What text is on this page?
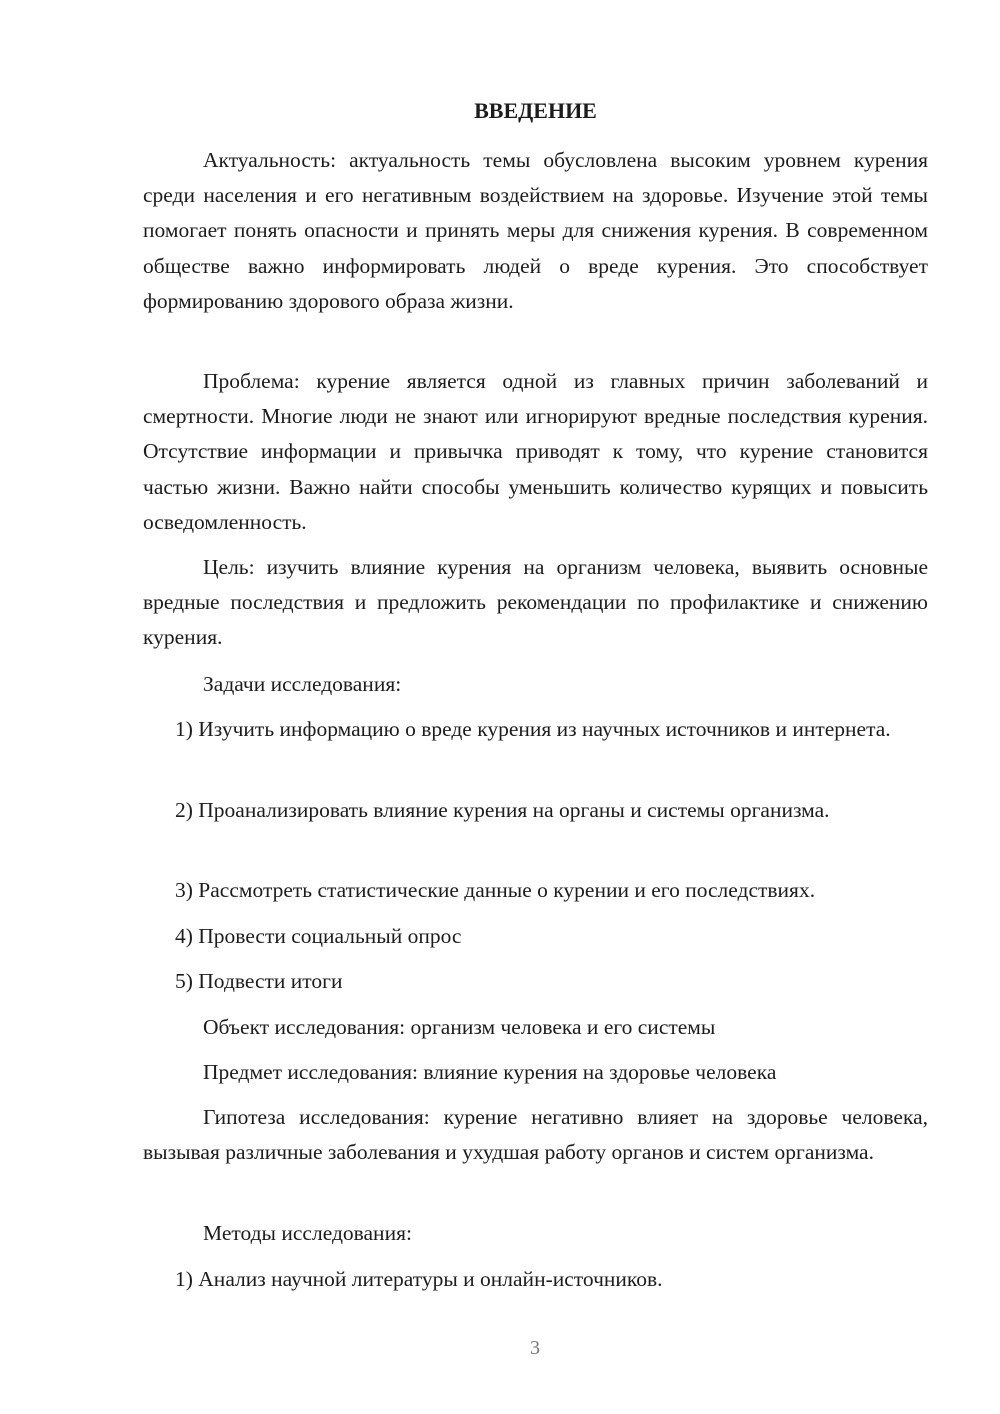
ВВЕДЕНИЕ

Актуальность: актуальность темы обусловлена высоким уровнем курения среди населения и его негативным воздействием на здоровье. Изучение этой темы помогает понять опасности и принять меры для снижения курения. В современном обществе важно информировать людей о вреде курения. Это способствует формированию здорового образа жизни.

Проблема: курение является одной из главных причин заболеваний и смертности. Многие люди не знают или игнорируют вредные последствия курения. Отсутствие информации и привычка приводят к тому, что курение становится частью жизни. Важно найти способы уменьшить количество курящих и повысить осведомленность.

Цель: изучить влияние курения на организм человека, выявить основные вредные последствия и предложить рекомендации по профилактике и снижению курения.

Задачи исследования:

1) Изучить информацию о вреде курения из научных источников и интернета.

2) Проанализировать влияние курения на органы и системы организма.

3) Рассмотреть статистические данные о курении и его последствиях.

4) Провести социальный опрос

5) Подвести итоги

Объект исследования: организм человека и его системы

Предмет исследования: влияние курения на здоровье человека

Гипотеза исследования: курение негативно влияет на здоровье человека, вызывая различные заболевания и ухудшая работу органов и систем организма.

Методы исследования:

1) Анализ научной литературы и онлайн-источников.

3
